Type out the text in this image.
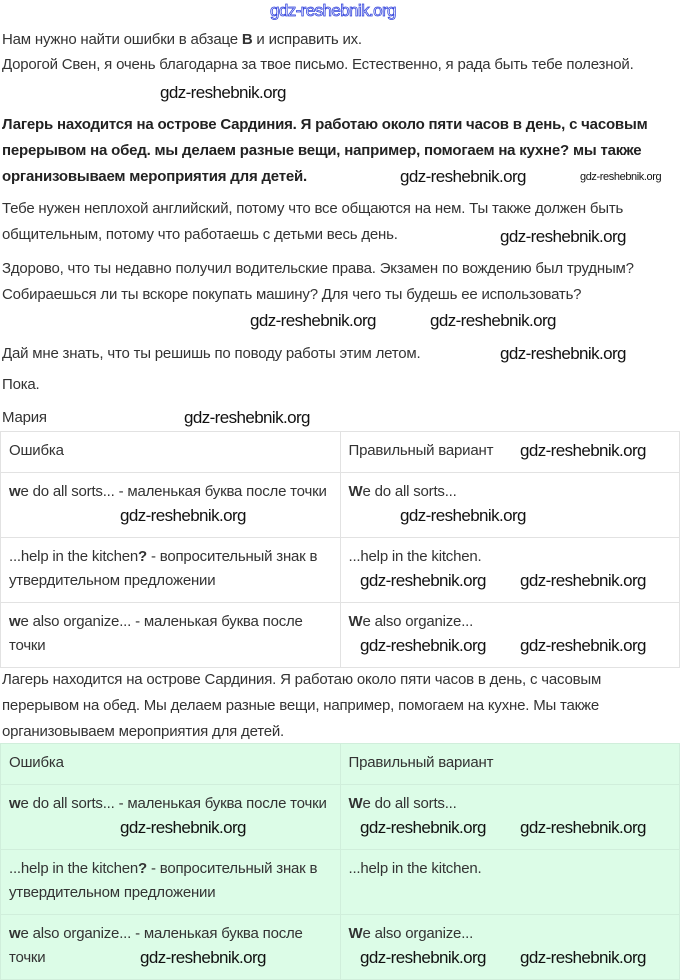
Нам нужно найти ошибки в абзаце B и исправить их.
Дорогой Свен, я очень благодарна за твое письмо. Естественно, я рада быть тебе полезной.
Лагерь находится на острове Сардиния. Я работаю около пяти часов в день, с часовым перерывом на обед. мы делаем разные вещи, например, помогаем на кухне? мы также организовываем мероприятия для детей.
Тебе нужен неплохой английский, потому что все общаются на нем. Ты также должен быть общительным, потому что работаешь с детьми весь день.
Здорово, что ты недавно получил водительские права. Экзамен по вождению был трудным? Собираешься ли ты вскоре покупать машину? Для чего ты будешь ее использовать?
Дай мне знать, что ты решишь по поводу работы этим летом.
Пока.
Мария
Ошибка	Правильный вариант
we do all sorts... - маленькая буква после точки	We do all sorts...
...help in the kitchen? - вопросительный знак в утвердительном предложении	...help in the kitchen.
we also organize... - маленькая буква после точки	We also organize...
Лагерь находится на острове Сардиния. Я работаю около пяти часов в день, с часовым перерывом на обед. Мы делаем разные вещи, например, помогаем на кухне. Мы также организовываем мероприятия для детей.
Ошибка	Правильный вариант
we do all sorts... - маленькая буква после точки	We do all sorts...
...help in the kitchen? - вопросительный знак в утвердительном предложении	...help in the kitchen.
we also organize... - маленькая буква после точки	We also organize...
gdz-reshebnik.org
gdz-reshebnik.org
gdz-reshebnik.org	gdz-reshebnik.org
gdz-reshebnik.org
gdz-reshebnik.org	gdz-reshebnik.org
gdz-reshebnik.org
gdz-reshebnik.org
gdz-reshebnik.org
gdz-reshebnik.org	gdz-reshebnik.org
gdz-reshebnik.org gdz-reshebnik.org
gdz-reshebnik.org gdz-reshebnik.org
gdz-reshebnik.org gdz-reshebnik.org
gdz-reshebnik.org
gdz-reshebnik.org	gdz-reshebnik.org gdz-reshebnik.org
